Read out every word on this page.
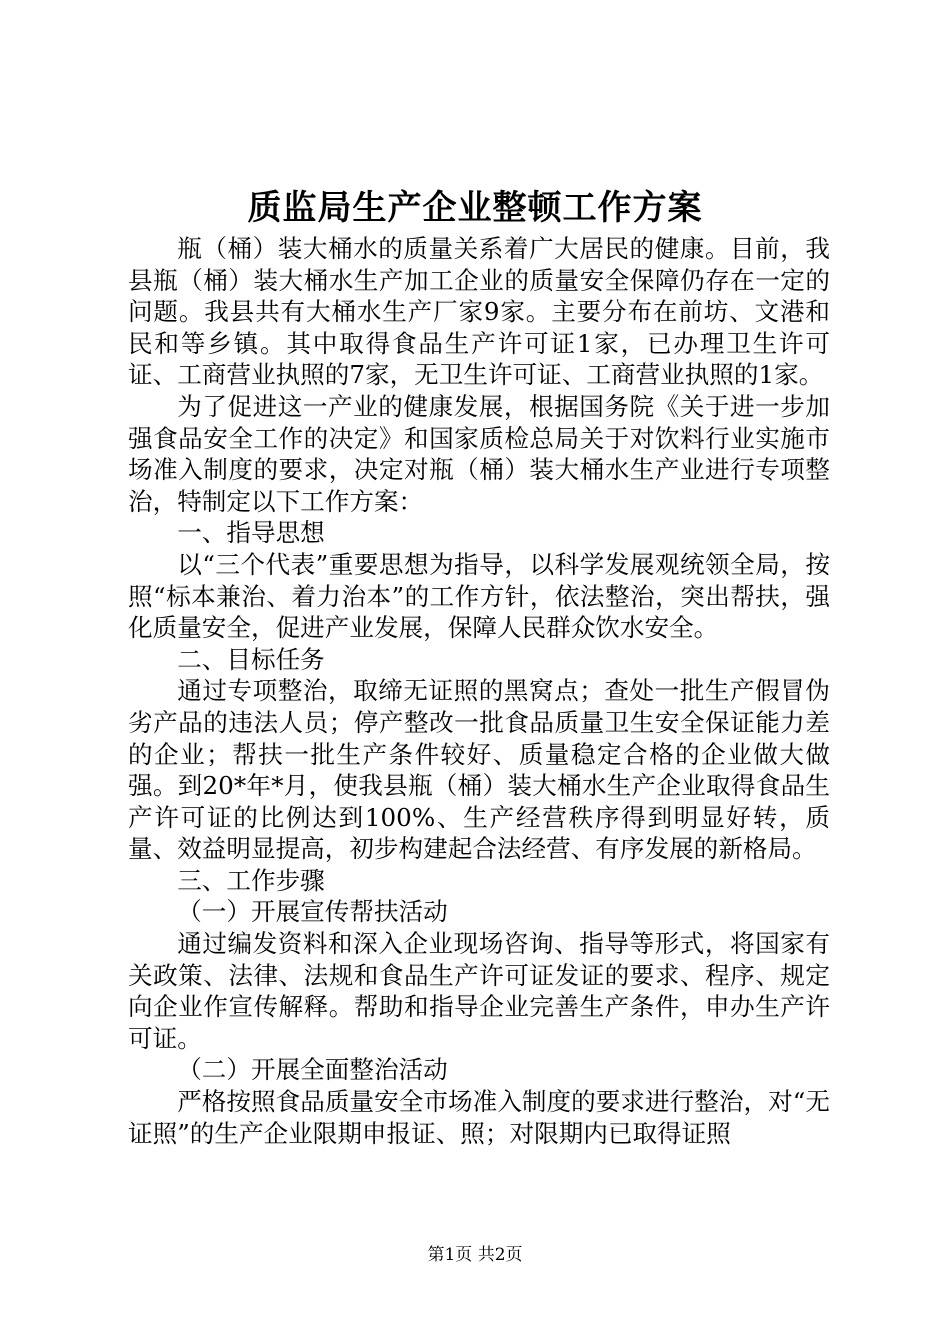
质监局生产企业整顿工作方案

瓶（桶）装大桶水的质量关系着广大居民的健康。目前，我县瓶（桶）装大桶水生产加工企业的质量安全保障仍存在一定的问题。我县共有大桶水生产厂家9家。主要分布在前坊、文港和民和等乡镇。其中取得食品生产许可证1家，已办理卫生许可证、工商营业执照的7家，无卫生许可证、工商营业执照的1家。

为了促进这一产业的健康发展，根据国务院《关于进一步加强食品安全工作的决定》和国家质检总局关于对饮料行业实施市场准入制度的要求，决定对瓶（桶）装大桶水生产业进行专项整治，特制定以下工作方案：

一、指导思想

以“三个代表”重要思想为指导，以科学发展观统领全局，按照“标本兼治、着力治本”的工作方针，依法整治，突出帮扶，强化质量安全，促进产业发展，保障人民群众饮水安全。

二、目标任务

通过专项整治，取缔无证照的黑窝点；查处一批生产假冒伪劣产品的违法人员；停产整改一批食品质量卫生安全保证能力差的企业；帮扶一批生产条件较好、质量稳定合格的企业做大做强。到20*年*月，使我县瓶（桶）装大桶水生产企业取得食品生产许可证的比例达到100%、生产经营秩序得到明显好转，质量、效益明显提高，初步构建起合法经营、有序发展的新格局。

三、工作步骤

（一）开展宣传帮扶活动

通过编发资料和深入企业现场咨询、指导等形式，将国家有关政策、法律、法规和食品生产许可证发证的要求、程序、规定向企业作宣传解释。帮助和指导企业完善生产条件，申办生产许可证。

（二）开展全面整治活动

严格按照食品质量安全市场准入制度的要求进行整治，对“无证照”的生产企业限期申报证、照；对限期内已取得证照

第1页 共2页
